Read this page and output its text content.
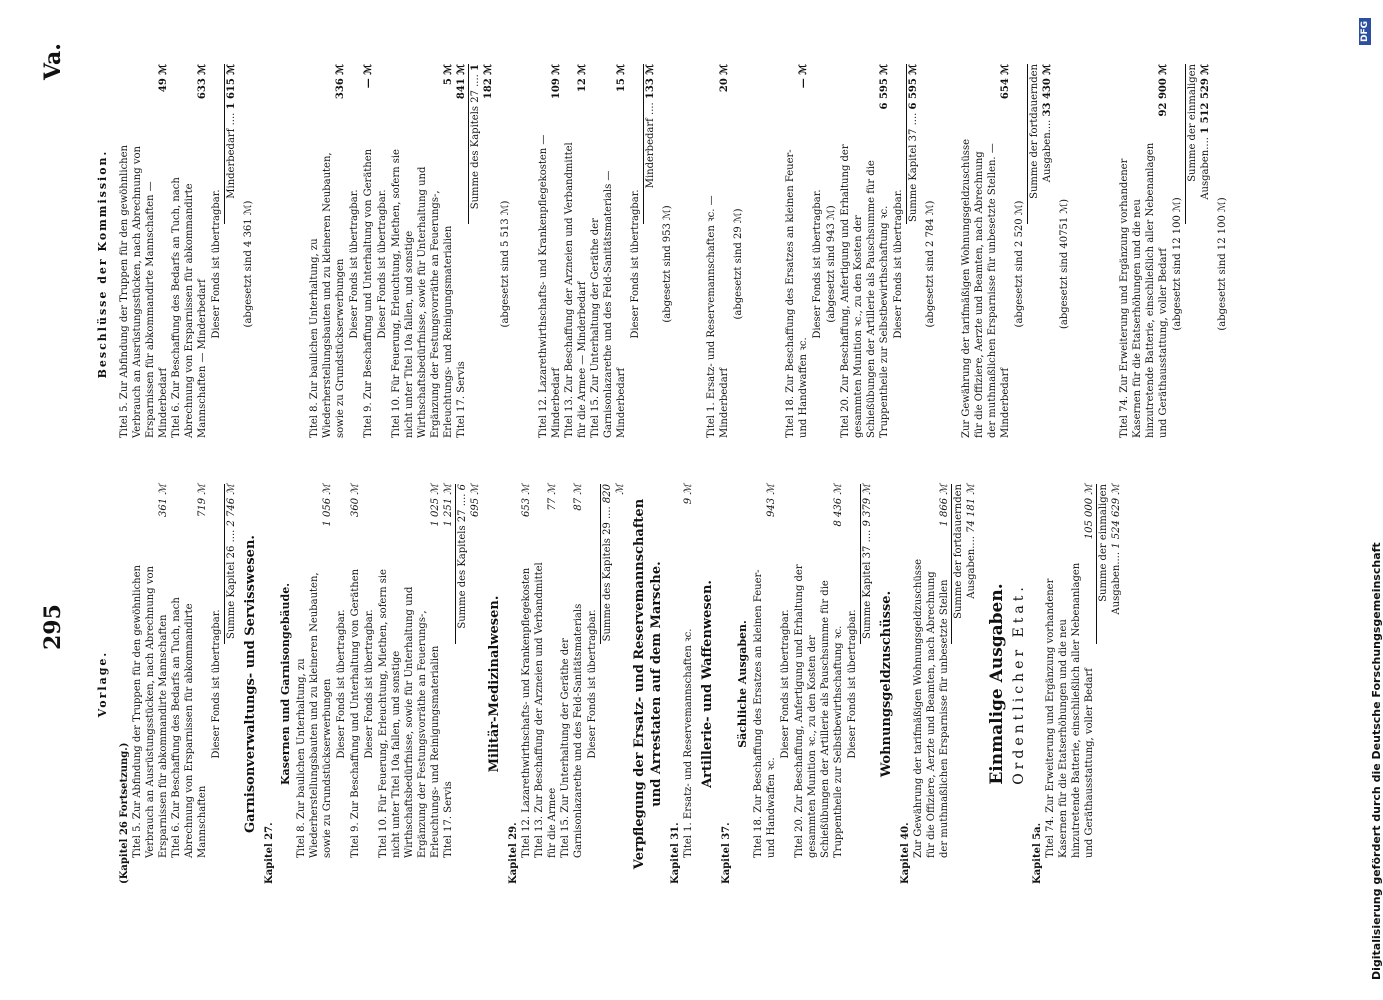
295
Va.

Vorlage.

(Kapitel 26 Fortsetzung.) Titel 5. Zur Abfindung der Truppen für den gewöhnlichen Verbrauch an Ausrüstungsstücken, nach Abrechnung von Ersparnissen für abkommandirte Mannschaften
361 ℳ
Titel 6. Zur Beschaffung des Bedarfs an Tuch, nach Abrechnung von Ersparnissen für abkommandirte Mannschaften
719 ℳ

Dieser Fonds ist übertragbar.

Summe Kapitel 26 .... 2 746 ℳ

Garnisonverwaltungs- und Servisswesen.

Kapitel 27.

Kasernen und Garnisongebäude. Titel 8. Zur baulichen Unterhaltung, zu Wiederherstellungsbauten und zu kleineren Neubauten, sowie zu Grundstückserwerbungen
1 056 ℳ

Dieser Fonds ist übertragbar. Titel 9. Zur Beschaffung und Unterhaltung von Geräthen
360 ℳ

Dieser Fonds ist übertragbar. Titel 10. Für Feuerung, Erleuchtung, Miethen, sofern sie nicht unter Titel 10a fallen, und sonstige Wirthschaftsbedürfnisse, sowie für Unterhaltung und Ergänzung der Festungsvorräthe an Feuerungs-, Erleuchtungs- und Reinigungsmaterialien
1 025 ℳ
Titel 17. Servis
1 251 ℳ Summe des Kapitels 27 .... 6 695 ℳ

Militär-Medizinalwesen.

Kapitel 29. Titel 12. Lazarethwirthschafts- und Krankenpflegekosten
653 ℳ
Titel 13. Zur Beschaffung der Arzneien und Verbandmittel für die Armee
77 ℳ
Titel 15. Zur Unterhaltung der Geräthe der Garnisonlazarethe und des Feld-Sanitätsmaterials
87 ℳ

Dieser Fonds ist übertragbar.

Summe des Kapitels 29 .... 820 ℳ

Verpflegung der Ersatz- und Reservemannschaften und Arrestaten auf dem Marsche.

Kapitel 31. Titel 1. Ersatz- und Reservemannschaften ꝛc.
9 ℳ

Artillerie- und Waffenwesen.

Kapitel 37.

Sächliche Ausgaben. Titel 18. Zur Beschaffung des Ersatzes an kleinen Feuer- und Handwaffen ꝛc.
943 ℳ

Dieser Fonds ist übertragbar. Titel 20. Zur Beschaffung, Anfertigung und Erhaltung der gesammten Munition ꝛc., zu den Kosten der Schießübungen der Artillerie als Pauschsumme für die Truppentheile zur Selbstbewirthschaftung ꝛc.
8 436 ℳ

Dieser Fonds ist übertragbar.

Summe Kapitel 37 .... 9 379 ℳ

Wohnungsgeldzuschüsse.

Kapitel 40. Zur Gewährung der tarifmäßigen Wohnungsgeldzuschüsse für die Offiziere, Aerzte und Beamten, nach Abrechnung der muthmaßlichen Ersparnisse für unbesetzte Stellen
1 866 ℳ Summe der fortdauernden Ausgaben.... 74 181 ℳ

Einmalige Ausgaben. Ordentlicher Etat.

Kapitel 5a. Titel 74. Zur Erweiterung und Ergänzung vorhandener Kasernen für die Etatserhöhungen und die neu hinzutretende Batterie, einschließlich aller Nebenanlagen und Geräthausstattung, voller Bedarf
105 000 ℳ Summe der einmaligen Ausgaben.... 1 524 629 ℳ

Beschlüsse der Kommission. Titel 5. Zur Abfindung der Truppen für den gewöhnlichen Verbrauch an Ausrüstungsstücken, nach Abrechnung von Ersparnissen für abkommandirte Mannschaften — Minderbedarf
49 ℳ
Titel 6. Zur Beschaffung des Bedarfs an Tuch, nach Abrechnung von Ersparnissen für abkommandirte Mannschaften — Minderbedarf
633 ℳ

Dieser Fonds ist übertragbar.

Minderbedarf .... 1 615 ℳ

(abgesetzt sind 4 361 ℳ)	Titel 8. Zur baulichen Unterhaltung, zu Wiederherstellungsbauten und zu kleineren Neubauten, sowie zu Grundstückserwerbungen
336 ℳ

Dieser Fonds ist übertragbar. Titel 9. Zur Beschaffung und Unterhaltung von Geräthen
— ℳ

Dieser Fonds ist übertragbar. Titel 10. Für Feuerung, Erleuchtung, Miethen, sofern sie nicht unter Titel 10a fallen, und sonstige Wirthschaftsbedürfnisse, sowie für Unterhaltung und Ergänzung der Festungsvorräthe an Feuerungs-, Erleuchtungs- und Reinigungsmaterialien
5 ℳ
Titel 17. Servis
841 ℳ Summe des Kapitels 27 .... 1 182 ℳ

(abgesetzt sind 5 513 ℳ)	Titel 12. Lazarethwirthschafts- und Krankenpflegekosten — Minderbedarf
109 ℳ
Titel 13. Zur Beschaffung der Arzneien und Verbandmittel für die Armee — Minderbedarf
12 ℳ
Titel 15. Zur Unterhaltung der Geräthe der Garnisonlazarethe und des Feld-Sanitätsmaterials — Minderbedarf
15 ℳ

Dieser Fonds ist übertragbar.

Minderbedarf .... 133 ℳ

(abgesetzt sind 953 ℳ)	Titel 1. Ersatz- und Reservemannschaften ꝛc. — Minderbedarf
20 ℳ

(abgesetzt sind 29 ℳ)	Titel 18. Zur Beschaffung des Ersatzes an kleinen Feuer- und Handwaffen ꝛc.
— ℳ

Dieser Fonds ist übertragbar. (abgesetzt sind 943 ℳ) Titel 20. Zur Beschaffung, Anfertigung und Erhaltung der gesammten Munition ꝛc., zu den Kosten der Schießübungen der Artillerie als Pauschsumme für die Truppentheile zur Selbstbewirthschaftung ꝛc.
6 595 ℳ

Dieser Fonds ist übertragbar.

Summe Kapitel 37 .... 6 595 ℳ

(abgesetzt sind 2 784 ℳ)	Zur Gewährung der tarifmäßigen Wohnungsgeldzuschüsse für die Offiziere, Aerzte und Beamten, nach Abrechnung der muthmaßlichen Ersparnisse für unbesetzte Stellen. — Minderbedarf
654 ℳ

(abgesetzt sind 2 520 ℳ)

Summe der fortdauernden Ausgaben.... 33 430 ℳ

(abgesetzt sind 40751 ℳ)	Titel 74. Zur Erweiterung und Ergänzung vorhandener Kasernen für die Etatserhöhungen und die neu hinzutretende Batterie, einschließlich aller Nebenanlagen und Geräthausstattung, voller Bedarf
92 900 ℳ

(abgesetzt sind 12 100 ℳ)

Summe der einmaligen Ausgaben.... 1 512 529 ℳ

(abgesetzt sind 12 100 ℳ)

Digitalisierung gefördert durch die Deutsche Forschungsgemeinschaft
DFG
